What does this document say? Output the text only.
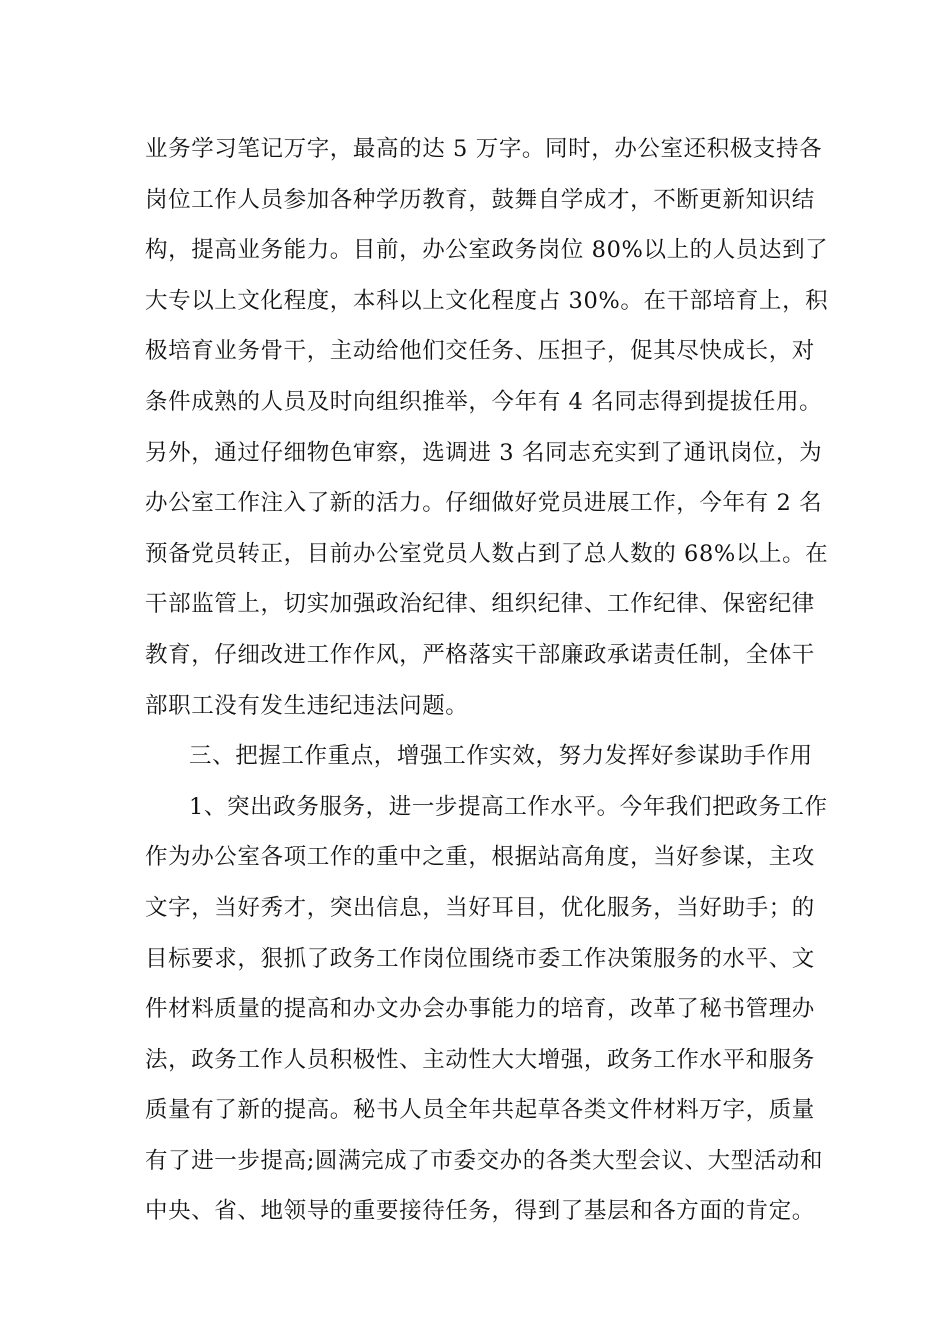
业务学习笔记万字，最高的达 5 万字。同时，办公室还积极支持各
岗位工作人员参加各种学历教育，鼓舞自学成才，不断更新知识结
构，提高业务能力。目前，办公室政务岗位 80%以上的人员达到了
大专以上文化程度，本科以上文化程度占 30%。在干部培育上，积
极培育业务骨干，主动给他们交任务、压担子，促其尽快成长，对
条件成熟的人员及时向组织推举，今年有 4 名同志得到提拔任用。
另外，通过仔细物色审察，选调进 3 名同志充实到了通讯岗位，为
办公室工作注入了新的活力。仔细做好党员进展工作，今年有 2 名
预备党员转正，目前办公室党员人数占到了总人数的 68%以上。在
干部监管上，切实加强政治纪律、组织纪律、工作纪律、保密纪律
教育，仔细改进工作作风，严格落实干部廉政承诺责任制，全体干
部职工没有发生违纪违法问题。
三、把握工作重点，增强工作实效，努力发挥好参谋助手作用
1、突出政务服务，进一步提高工作水平。今年我们把政务工作
作为办公室各项工作的重中之重，根据站高角度，当好参谋，主攻
文字，当好秀才，突出信息，当好耳目，优化服务，当好助手；的
目标要求，狠抓了政务工作岗位围绕市委工作决策服务的水平、文
件材料质量的提高和办文办会办事能力的培育，改革了秘书管理办
法，政务工作人员积极性、主动性大大增强，政务工作水平和服务
质量有了新的提高。秘书人员全年共起草各类文件材料万字，质量
有了进一步提高;圆满完成了市委交办的各类大型会议、大型活动和
中央、省、地领导的重要接待任务，得到了基层和各方面的肯定。
